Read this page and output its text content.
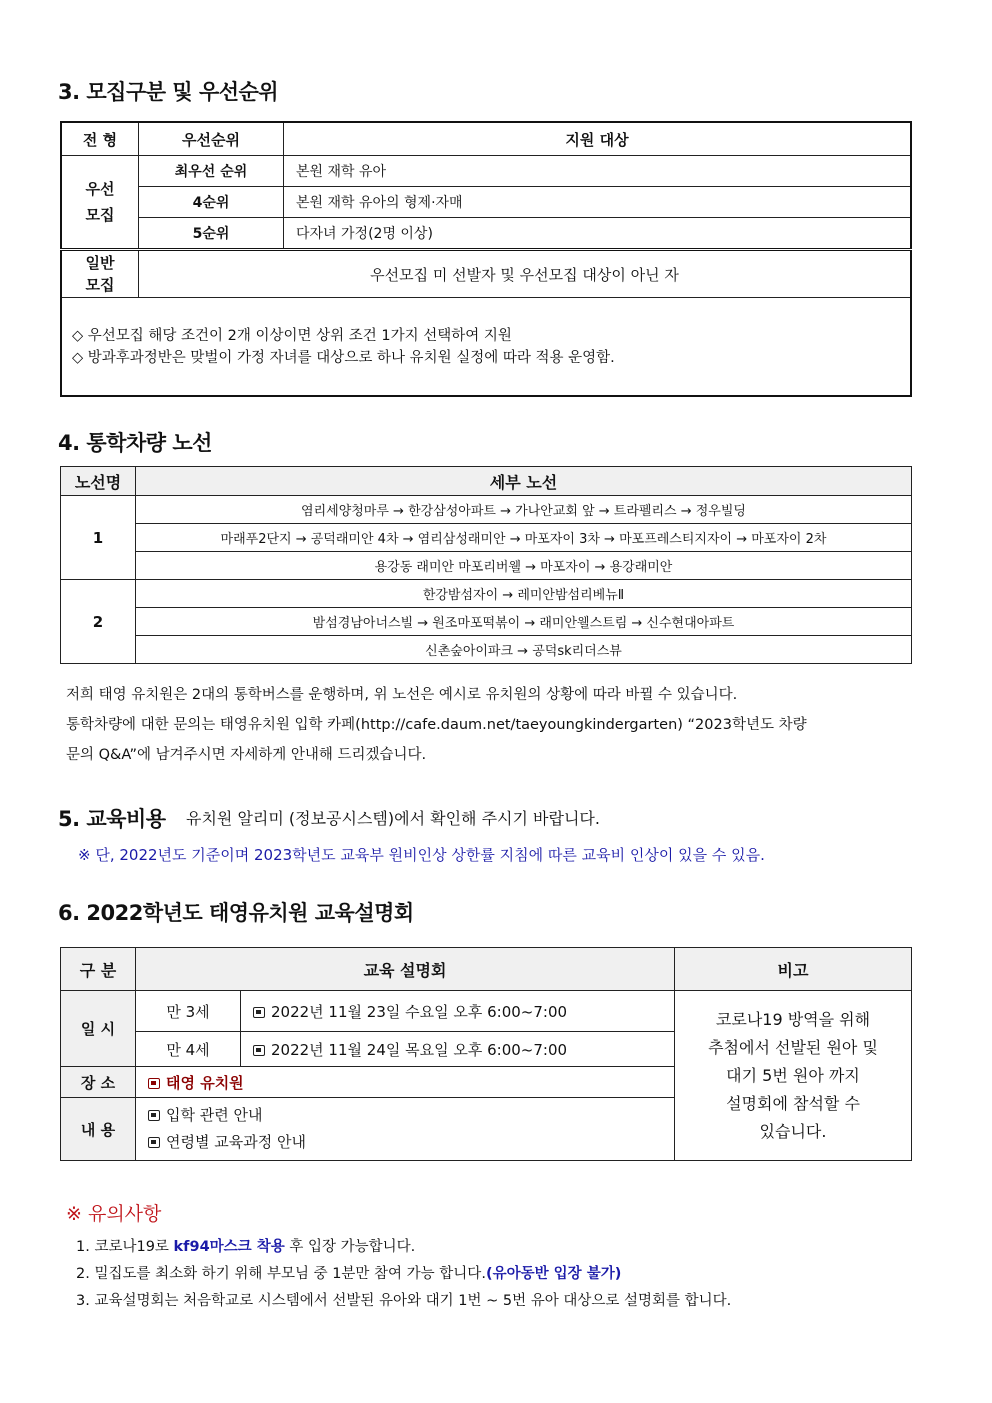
3. 모집구분 및 우선순위
전 형	우선순위	지원 대상
우선
모집	최우선 순위	본원 재학 유아
	4순위	본원 재학 유아의 형제·자매
	5순위	다자녀 가정(2명 이상)
일반
모집	우선모집 미 선발자 및 우선모집 대상이 아닌 자	

◇ 우선모집 해당 조건이 2개 이상이면 상위 조건 1가지 선택하여 지원
◇ 방과후과정반은 맞벌이 가정 자녀를 대상으로 하나 유치원 실정에 따라 적용 운영함.		
4. 통학차량 노선
노선명	세부 노선
1	염리세양청마루 → 한강삼성아파트 → 가나안교회 앞 → 트라펠리스 → 정우빌딩
	마래푸2단지 → 공덕래미안 4차 → 염리삼성래미안 → 마포자이 3차 → 마포프레스티지자이 → 마포자이 2차
	용강동 래미안 마포리버웰 → 마포자이 → 용강래미안
2	한강밤섬자이 → 레미안밤섬리베뉴Ⅱ
	밤섬경남아너스빌 → 원조마포떡볶이 → 래미안웰스트림 → 신수현대아파트
	신촌숲아이파크 → 공덕sk리더스뷰
저희 태영 유치원은 2대의 통학버스를 운행하며, 위 노선은 예시로 유치원의 상황에 따라 바뀔 수 있습니다.
통학차량에 대한 문의는 태영유치원 입학 카페(http://cafe.daum.net/taeyoungkindergarten) “2023학년도 차량
문의 Q&A”에 남겨주시면 자세하게 안내해 드리겠습니다.
5. 교육비용 유치원 알리미 (정보공시스템)에서 확인해 주시기 바랍니다.
※ 단, 2022년도 기준이며 2023학년도 교육부 원비인상 상한률 지침에 따른 교육비 인상이 있을 수 있음.
6. 2022학년도 태영유치원 교육설명회
구 분	교육 설명회		비고
일 시	만 3세	2022년 11월 23일 수요일 오후 6:00~7:00	코로나19 방역을 위해
추첨에서 선발된 원아 및
대기 5번 원아 까지
설명회에 참석할 수
있습니다.

	만 4세	2022년 11월 24일 목요일 오후 6:00~7:00	
장 소	태영 유치원		
내 용	입학 관련 안내
연령별 교육과정 안내		
※ 유의사항
1. 코로나19로 kf94마스크 착용 후 입장 가능합니다.
2. 밀집도를 최소화 하기 위해 부모님 중 1분만 참여 가능 합니다.(유아동반 입장 불가)
3. 교육설명회는 처음학교로 시스템에서 선발된 유아와 대기 1번 ~ 5번 유아 대상으로 설명회를 합니다.
